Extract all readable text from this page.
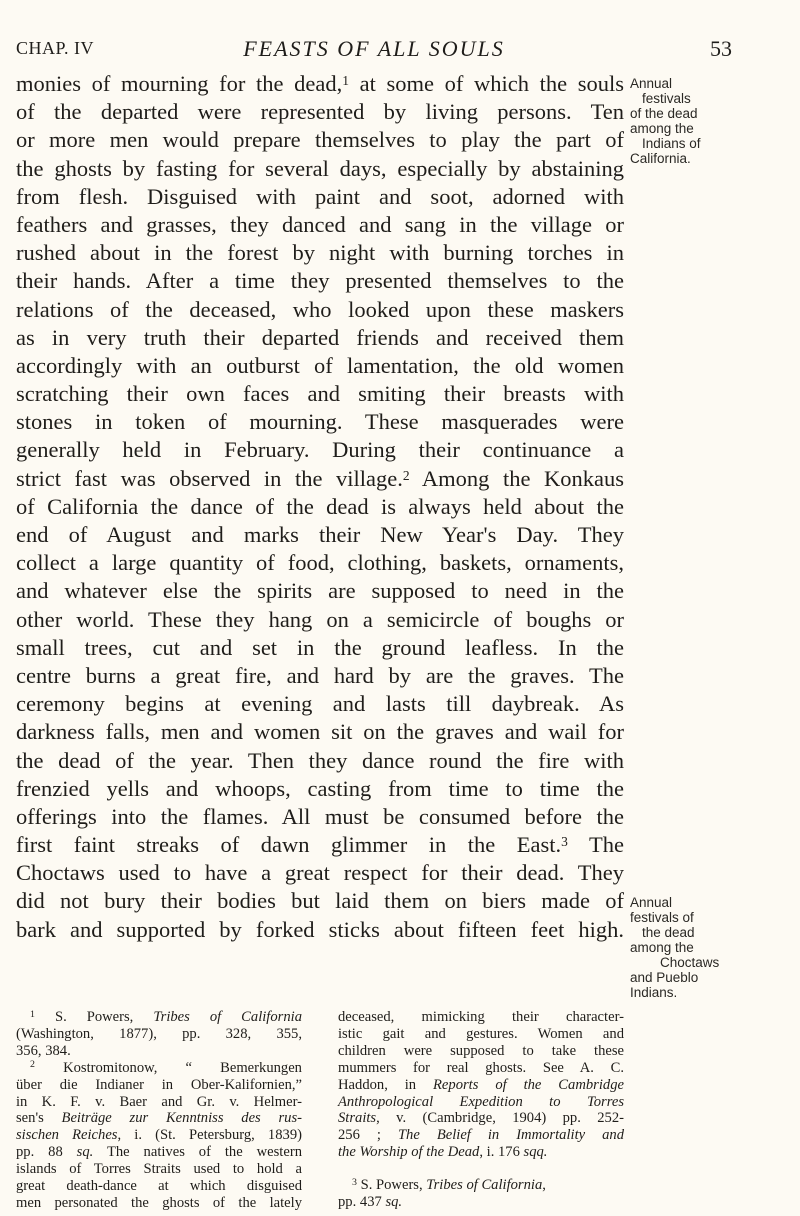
CHAP. IV	FEASTS OF ALL SOULS	53
monies of mourning for the dead,$^1$ at some of which the souls
of the departed were represented by living persons. Ten
or more men would prepare themselves to play the part of
the ghosts by fasting for several days, especially by abstaining
from flesh. Disguised with paint and soot, adorned with
feathers and grasses, they danced and sang in the village or
rushed about in the forest by night with burning torches in
their hands. After a time they presented themselves to the
relations of the deceased, who looked upon these maskers
as in very truth their departed friends and received them
accordingly with an outburst of lamentation, the old women
scratching their own faces and smiting their breasts with
stones in token of mourning. These masquerades were
generally held in February. During their continuance a
strict fast was observed in the village.$^2$ Among the Konkaus
of California the dance of the dead is always held about the
end of August and marks their New Year's Day. They
collect a large quantity of food, clothing, baskets, ornaments,
and whatever else the spirits are supposed to need in the
other world. These they hang on a semicircle of boughs or
small trees, cut and set in the ground leafless. In the
centre burns a great fire, and hard by are the graves. The
ceremony begins at evening and lasts till daybreak. As
darkness falls, men and women sit on the graves and wail for
the dead of the year. Then they dance round the fire with
frenzied yells and whoops, casting from time to time the
offerings into the flames. All must be consumed before the
first faint streaks of dawn glimmer in the East.$^3$ The
Choctaws used to have a great respect for their dead. They
did not bury their bodies but laid them on biers made of
bark and supported by forked sticks about fifteen feet high.
Annual
festivals
of the dead
among the
Indians of
California.
Annual
festivals of
the dead
among the
Choctaws
and Pueblo
Indians.

$^1$ S. Powers, Tribes of California
(Washington, 1877), pp. 328, 355,
356, 384.

$^2$ Kostromitonow, “ Bemerkungen
über die Indianer in Ober-Kalifornien,”
in K. F. v. Baer and Gr. v. Helmer-
sen's Beiträge zur Kenntniss des rus-
sischen Reiches, i. (St. Petersburg, 1839)
pp. 88 sq. The natives of the western
islands of Torres Straits used to hold a
great death-dance at which disguised
men personated the ghosts of the lately

deceased, mimicking their character-
istic gait and gestures. Women and
children were supposed to take these
mummers for real ghosts. See A. C.
Haddon, in Reports of the Cambridge
Anthropological Expedition to Torres
Straits, v. (Cambridge, 1904) pp. 252-
256 ; The Belief in Immortality and
the Worship of the Dead, i. 176 sqq.

$^3$ S. Powers, Tribes of California,
pp. 437 sq.
